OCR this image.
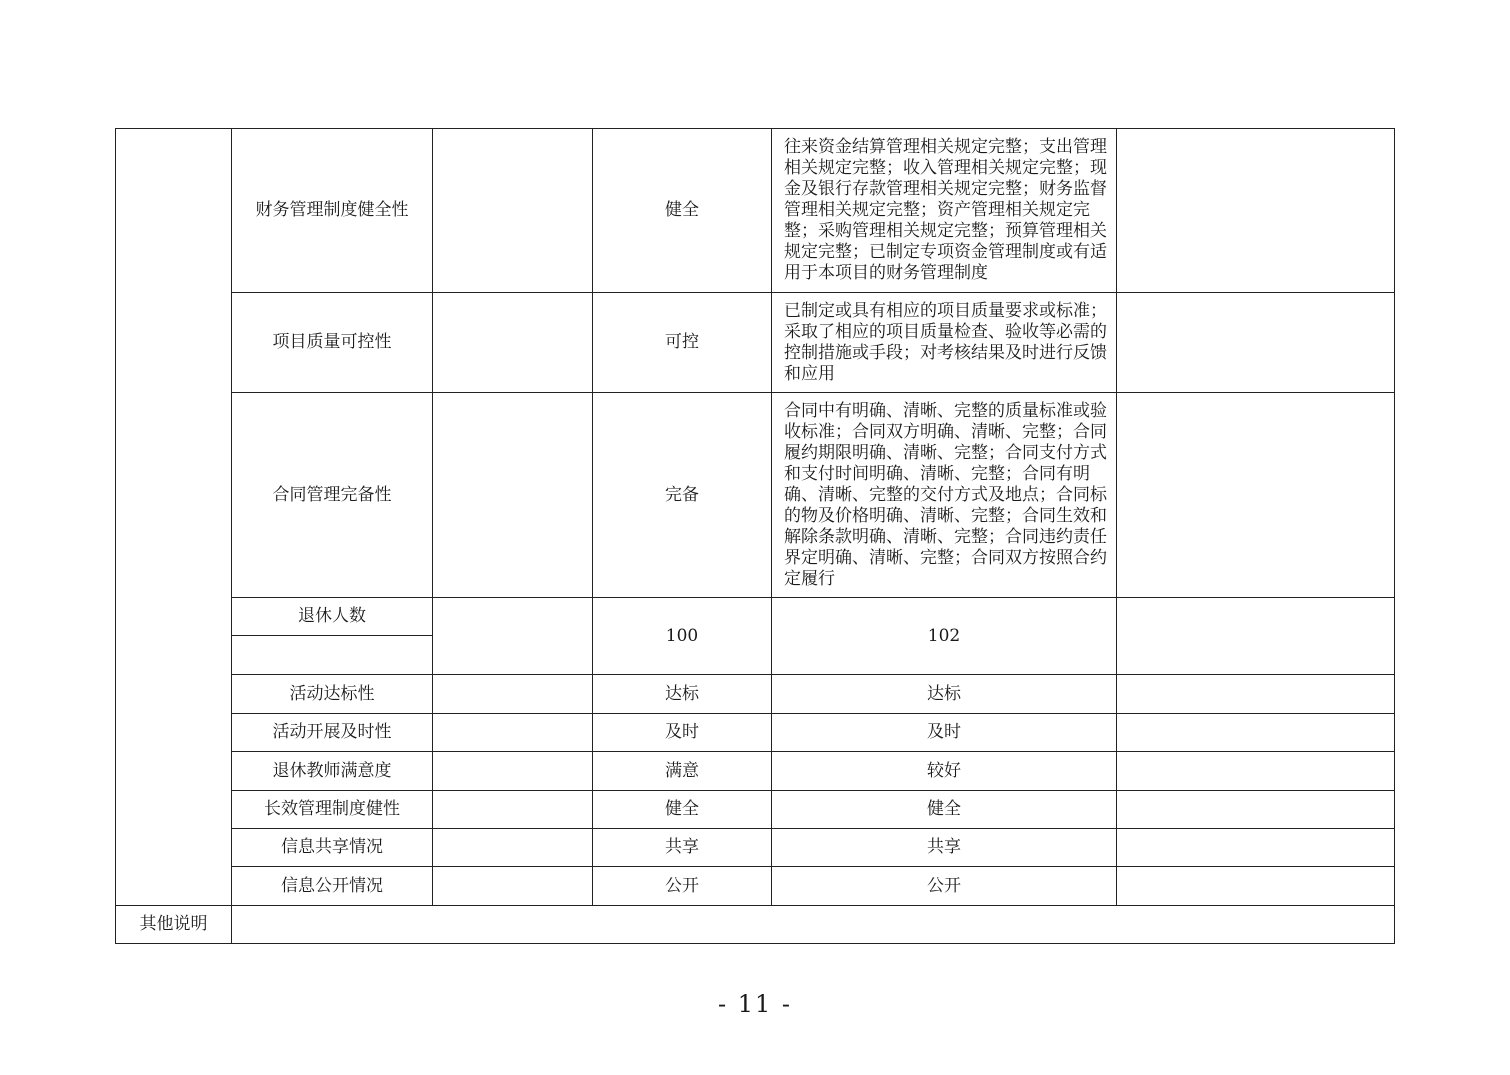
	财务管理制度健全性		健全	往来资金结算管理相关规定完整；支出管理相关规定完整；收入管理相关规定完整；现金及银行存款管理相关规定完整；财务监督管理相关规定完整；资产管理相关规定完整；采购管理相关规定完整；预算管理相关规定完整；已制定专项资金管理制度或有适用于本项目的财务管理制度	
	项目质量可控性		可控	已制定或具有相应的项目质量要求或标准；采取了相应的项目质量检查、验收等必需的控制措施或手段；对考核结果及时进行反馈和应用	
	合同管理完备性		完备	合同中有明确、清晰、完整的质量标准或验收标准；合同双方明确、清晰、完整；合同履约期限明确、清晰、完整；合同支付方式和支付时间明确、清晰、完整；合同有明确、清晰、完整的交付方式及地点；合同标的物及价格明确、清晰、完整；合同生效和解除条款明确、清晰、完整；合同违约责任界定明确、清晰、完整；合同双方按照合约定履行	
	退休人数		100	102	

	活动达标性		达标	达标	
	活动开展及时性		及时	及时	
	退休教师满意度		满意	较好	
	长效管理制度健性		健全	健全	
	信息共享情况		共享	共享	
	信息公开情况		公开	公开	
其他说明					
- 11 -
